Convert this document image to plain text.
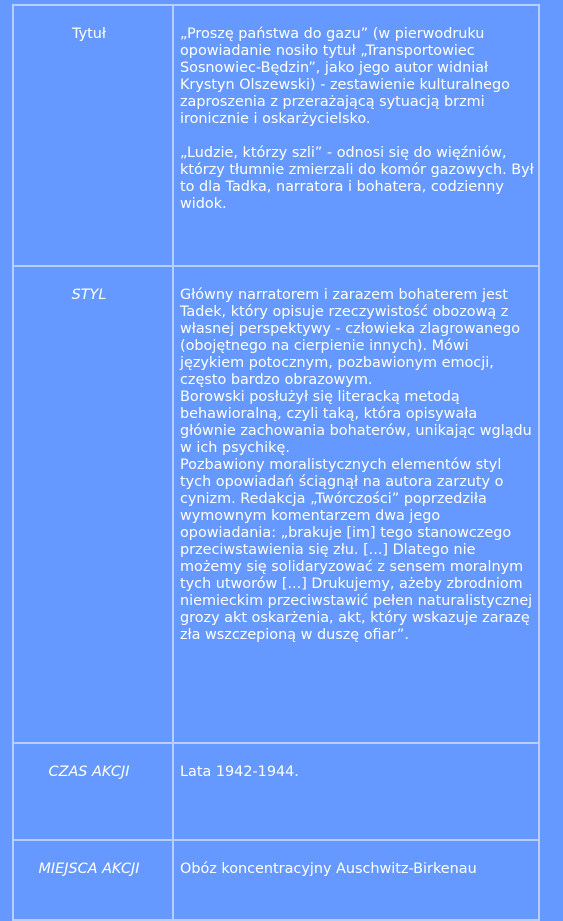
Tytuł	„Proszę państwa do gazu” (w pierwodruku opowiadanie nosiło tytuł „Transportowiec Sosnowiec-Będzin”, jako jego autor widniał Krystyn Olszewski) - zestawienie kulturalnego zaproszenia z przerażającą sytuacją brzmi ironicznie i oskarżycielsko.

„Ludzie, którzy szli” - odnosi się do więźniów, którzy tłumnie zmierzali do komór gazowych. Był to dla Tadka, narratora i bohatera, codzienny widok.

STYL	Główny narratorem i zarazem bohaterem jest Tadek, który opisuje rzeczywistość obozową z własnej perspektywy - człowieka zlagrowanego (obojętnego na cierpienie innych). Mówi językiem potocznym, pozbawionym emocji, często bardzo obrazowym.

Borowski posłużył się literacką metodą behawioralną, czyli taką, która opisywała głównie zachowania bohaterów, unikając wglądu w ich psychikę.

Pozbawiony moralistycznych elementów styl tych opowiadań ściągnął na autora zarzuty o cynizm. Redakcja „Twórczości” poprzedziła wymownym komentarzem dwa jego opowiadania: „brakuje [im] tego stanowczego przeciwstawienia się złu. [...] Dlatego nie możemy się solidaryzować z sensem moralnym tych utworów [...] Drukujemy, ażeby zbrodniom niemieckim przeciwstawić pełen naturalistycznej grozy akt oskarżenia, akt, który wskazuje zarazę zła wszczepioną w duszę ofiar”.

CZAS AKCJI	Lata 1942-1944.

MIEJSCA AKCJI	Obóz koncentracyjny Auschwitz-Birkenau
